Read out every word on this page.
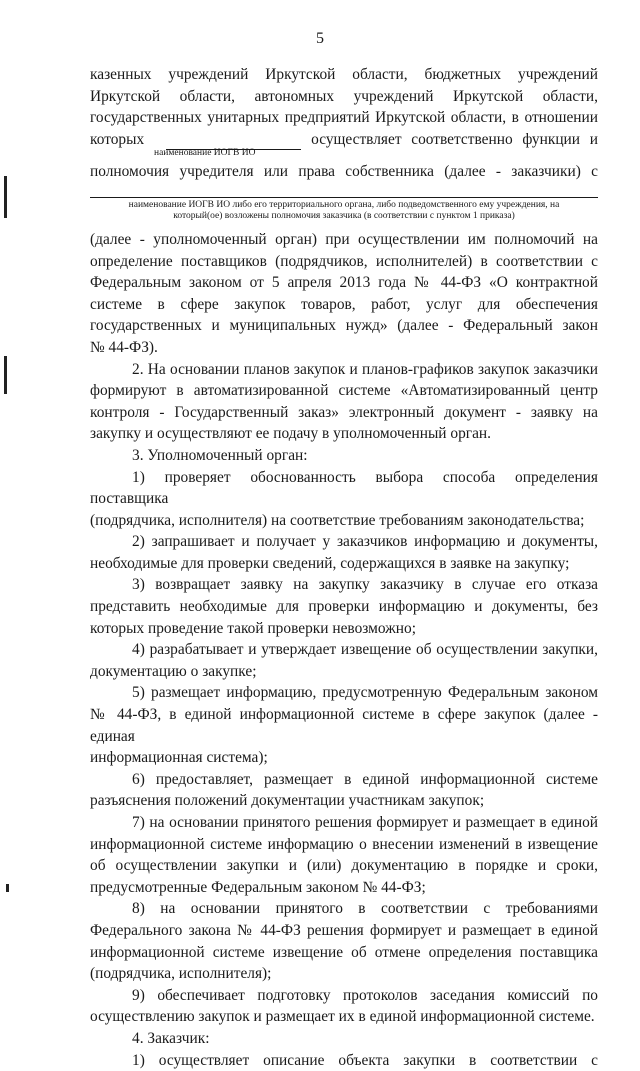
5

казенных учреждений Иркутской области, бюджетных учреждений

Иркутской области, автономных учреждений Иркутской области,

государственных унитарных предприятий Иркутской области, в отношении

которых	осуществляет соответственно функции и
наименование ИОГВ ИО

полномочия учредителя или права собственника (далее - заказчики) с

наименование ИОГВ ИО либо его территориального органа, либо подведомственного ему учреждения, на
который(ое) возложены полномочия заказчика (в соответствии с пунктом 1 приказа)

(далее - уполномоченный орган) при осуществлении им полномочий на

определение поставщиков (подрядчиков, исполнителей) в соответствии с

Федеральным законом от 5 апреля 2013 года № 44-ФЗ «О контрактной

системе в сфере закупок товаров, работ, услуг для обеспечения

государственных и муниципальных нужд» (далее - Федеральный закон

№ 44-ФЗ).

2. На основании планов закупок и планов-графиков закупок заказчики

формируют в автоматизированной системе «Автоматизированный центр

контроля - Государственный заказ» электронный документ - заявку на

закупку и осуществляют ее подачу в уполномоченный орган.

3. Уполномоченный орган:

1) проверяет обоснованность выбора способа определения поставщика

(подрядчика, исполнителя) на соответствие требованиям законодательства;

2) запрашивает и получает у заказчиков информацию и документы,

необходимые для проверки сведений, содержащихся в заявке на закупку;

3) возвращает заявку на закупку заказчику в случае его отказа

представить необходимые для проверки информацию и документы, без

которых проведение такой проверки невозможно;

4) разрабатывает и утверждает извещение об осуществлении закупки,

документацию о закупке;

5) размещает информацию, предусмотренную Федеральным законом

№ 44-ФЗ, в единой информационной системе в сфере закупок (далее - единая

информационная система);

6) предоставляет, размещает в единой информационной системе

разъяснения положений документации участникам закупок;

7) на основании принятого решения формирует и размещает в единой

информационной системе информацию о внесении изменений в извещение

об осуществлении закупки и (или) документацию в порядке и сроки,

предусмотренные Федеральным законом № 44-ФЗ;

8) на основании принятого в соответствии с требованиями

Федерального закона № 44-ФЗ решения формирует и размещает в единой

информационной системе извещение об отмене определения поставщика

(подрядчика, исполнителя);

9) обеспечивает подготовку протоколов заседания комиссий по

осуществлению закупок и размещает их в единой информационной системе.

4. Заказчик:

1) осуществляет описание объекта закупки в соответствии с
